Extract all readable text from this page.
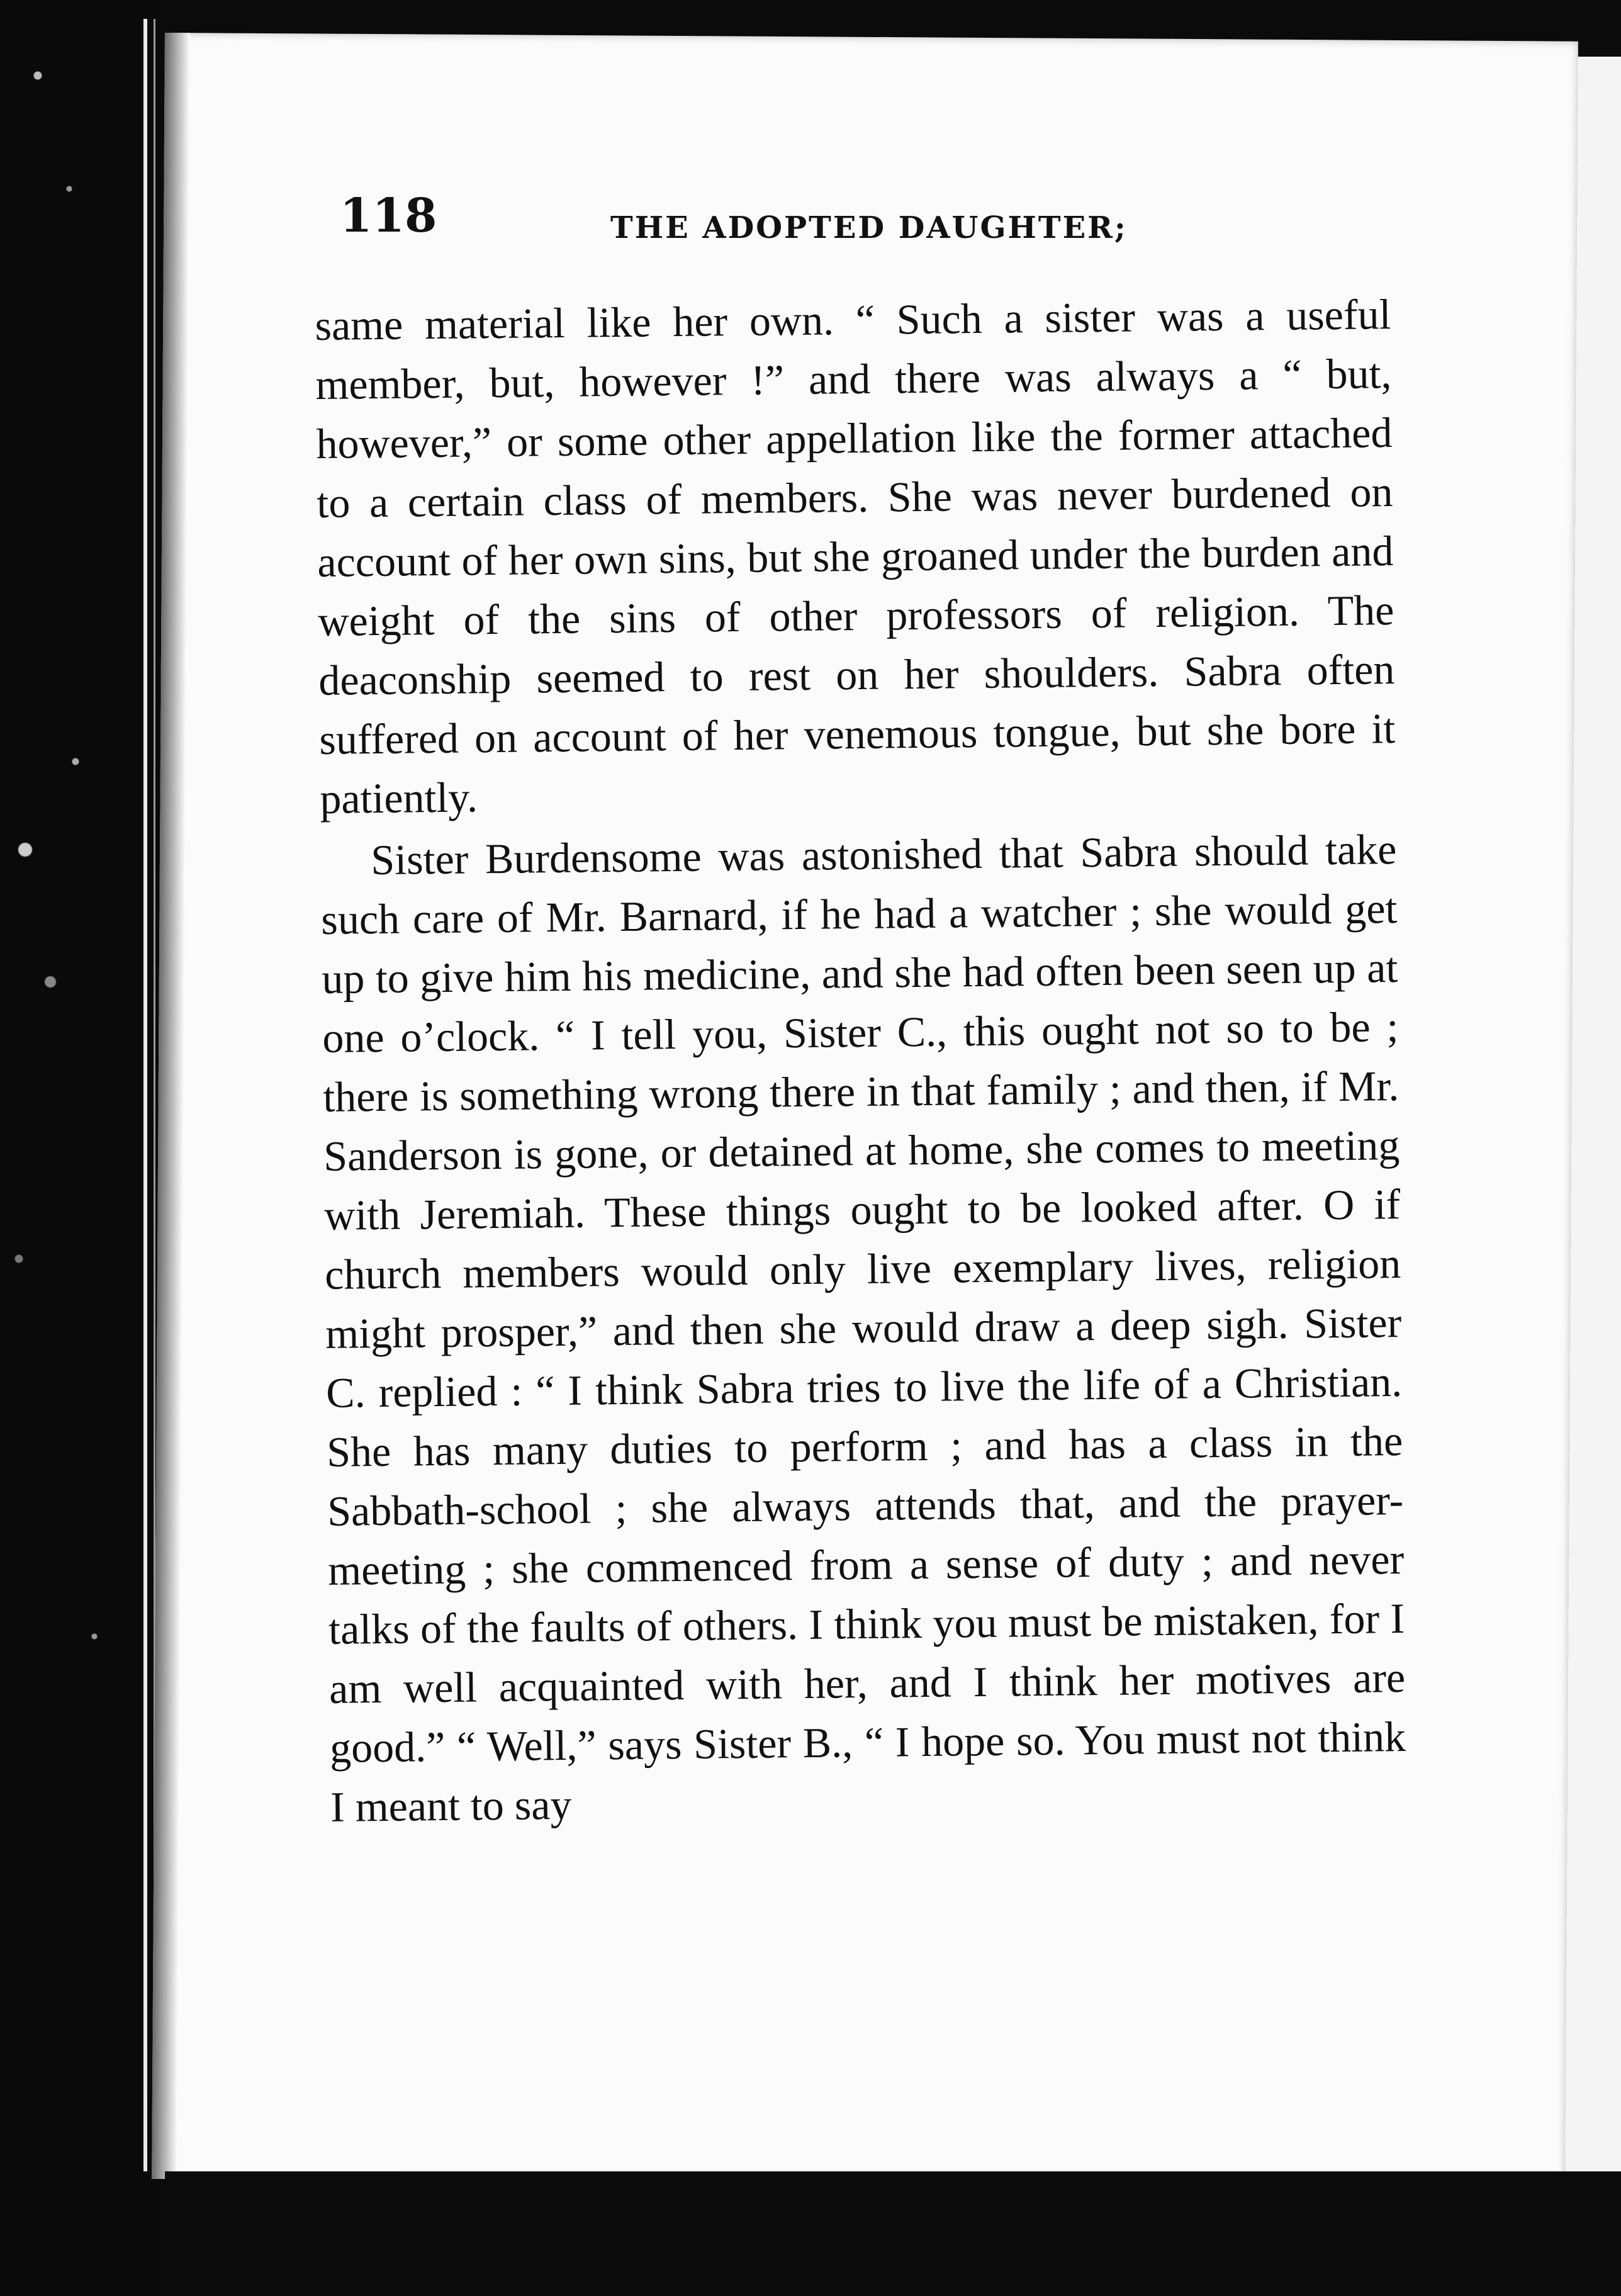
118	THE ADOPTED DAUGHTER;

same material like her own. “ Such a sister was a useful member, but, however !” and there was always a “ but, however,” or some other appellation like the former attached to a certain class of members. She was never burdened on account of her own sins, but she groaned under the burden and weight of the sins of other professors of religion. The deaconship seemed to rest on her shoulders. Sabra often suffered on account of her venemous tongue, but she bore it patiently.

Sister Burdensome was astonished that Sabra should take such care of Mr. Barnard, if he had a watcher ; she would get up to give him his medicine, and she had often been seen up at one o’clock. “ I tell you, Sister C., this ought not so to be ; there is something wrong there in that family ; and then, if Mr. Sanderson is gone, or detained at home, she comes to meeting with Jeremiah. These things ought to be looked after. O if church members would only live exemplary lives, religion might prosper,” and then she would draw a deep sigh. Sister C. replied : “ I think Sabra tries to live the life of a Christian. She has many duties to perform ; and has a class in the Sabbath-school ; she always attends that, and the prayer-meeting ; she commenced from a sense of duty ; and never talks of the faults of others. I think you must be mistaken, for I am well acquainted with her, and I think her motives are good.” “ Well,” says Sister B., “ I hope so. You must not think I meant to say
